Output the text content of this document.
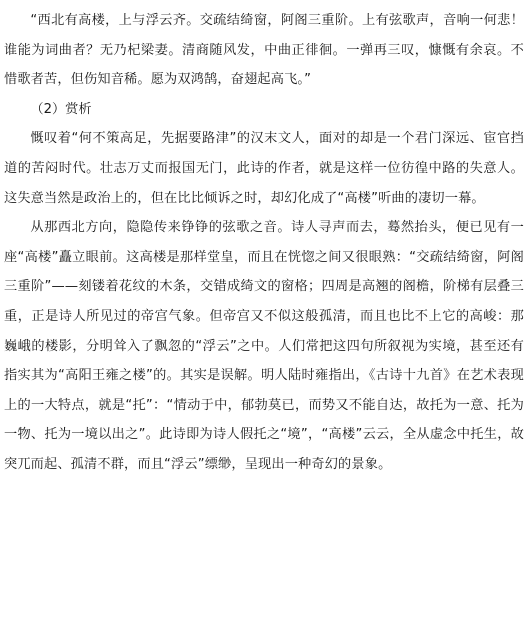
“西北有高楼，上与浮云齐。交疏结绮窗，阿阁三重阶。上有弦歌声，音响一何悲！谁能为词曲者？无乃杞梁妻。清商随风发，中曲正徘徊。一弹再三叹，慷慨有余哀。不惜歌者苦，但伤知音稀。愿为双鸿鹄，奋翅起高飞。”

（2）赏析

慨叹着“何不策高足，先据要路津”的汉末文人，面对的却是一个君门深远、宦官挡道的苦闷时代。壮志万丈而报国无门，此诗的作者，就是这样一位彷徨中路的失意人。这失意当然是政治上的，但在比比倾诉之时，却幻化成了“高楼”听曲的凄切一幕。

从那西北方向，隐隐传来铮铮的弦歌之音。诗人寻声而去，蓦然抬头，便已见有一座“高楼”矗立眼前。这高楼是那样堂皇，而且在恍惚之间又很眼熟：“交疏结绮窗，阿阁三重阶”——刻镂着花纹的木条，交错成绮文的窗格；四周是高翘的阁檐，阶梯有层叠三重，正是诗人所见过的帝宫气象。但帝宫又不似这般孤清，而且也比不上它的高峻：那巍峨的楼影，分明耸入了飘忽的“浮云”之中。人们常把这四句所叙视为实境，甚至还有指实其为“高阳王雍之楼”的。其实是误解。明人陆时雍指出，《古诗十九首》在艺术表现上的一大特点，就是“托”：“情动于中，郁勃莫已，而势又不能自达，故托为一意、托为一物、托为一境以出之”。此诗即为诗人假托之“境”，“高楼”云云，全从虚念中托生，故突兀而起、孤清不群，而且“浮云”缥缈，呈现出一种奇幻的景象。
